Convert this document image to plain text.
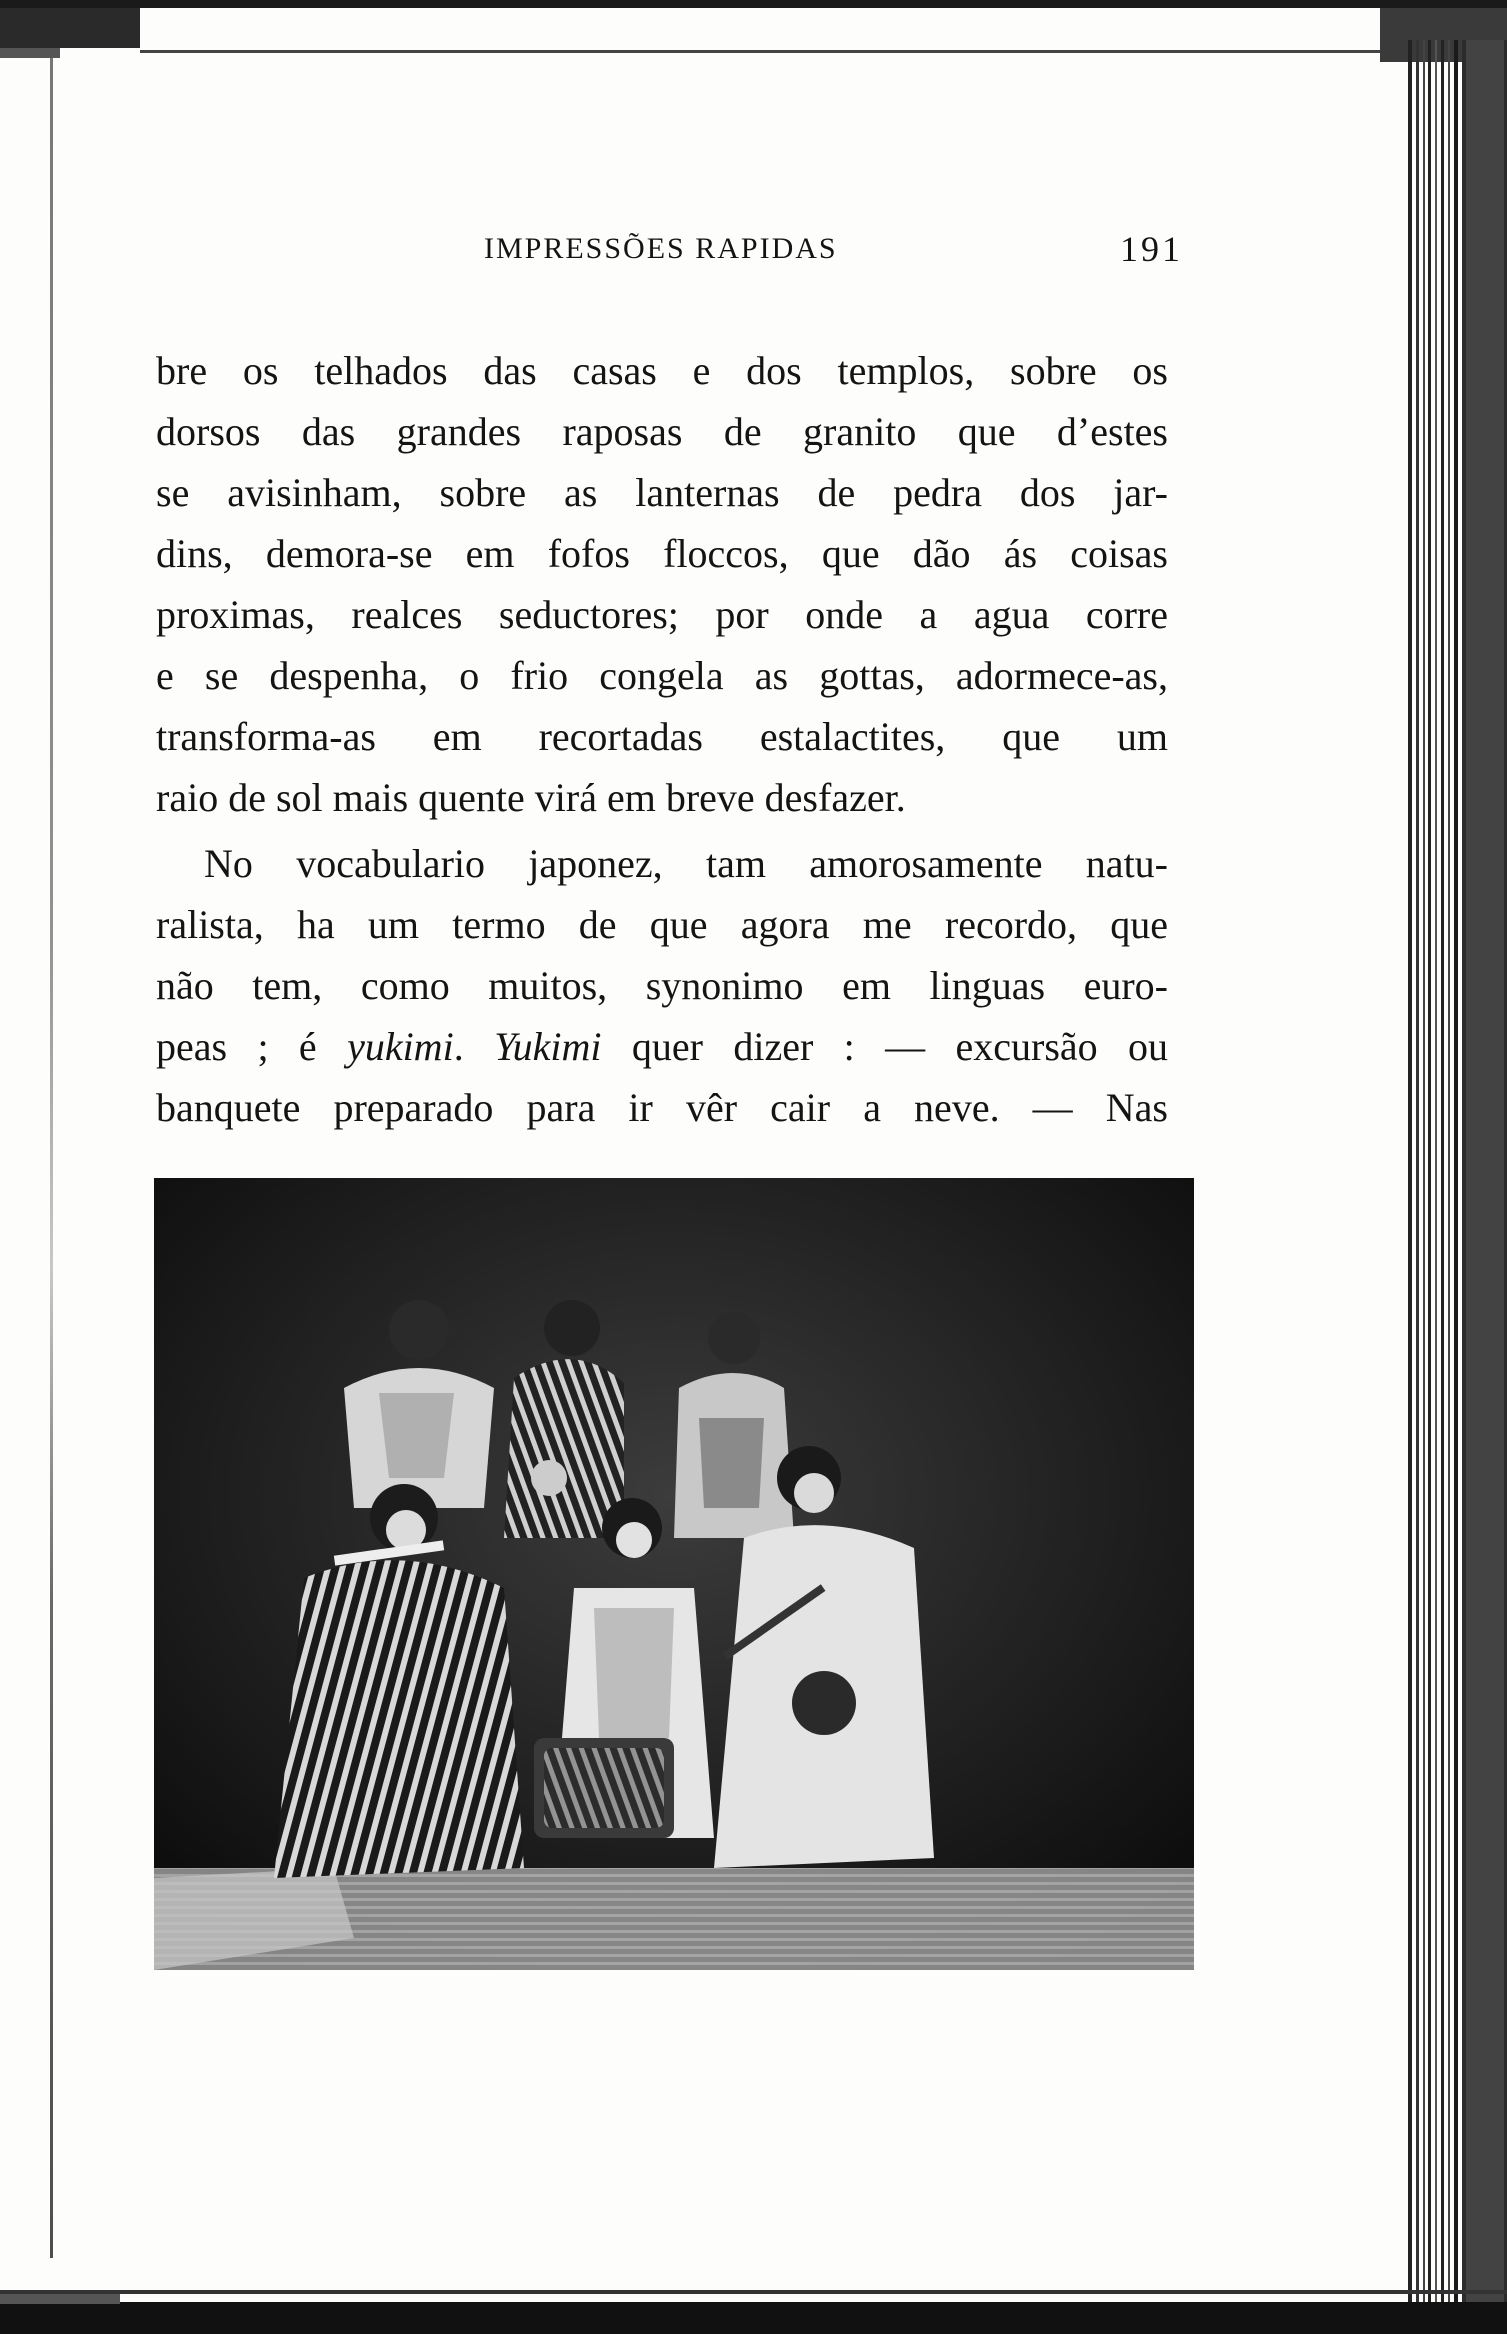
IMPRESSÕES RAPIDAS	191
bre os telhados das casas e dos templos, sobre os
dorsos das grandes raposas de granito que d’estes
se avisinham, sobre as lanternas de pedra dos jar-
dins, demora-se em fofos floccos, que dão ás coisas
proximas, realces seductores; por onde a agua corre
e se despenha, o frio congela as gottas, adormece-as,
transforma-as em recortadas estalactites, que um
raio de sol mais quente virá em breve desfazer.
No vocabulario japonez, tam amorosamente natu-
ralista, ha um termo de que agora me recordo, que
não tem, como muitos, synonimo em linguas euro-
peas ; é yukimi. Yukimi quer dizer : — excursão ou
banquete preparado para ir vêr cair a neve. — Nas
